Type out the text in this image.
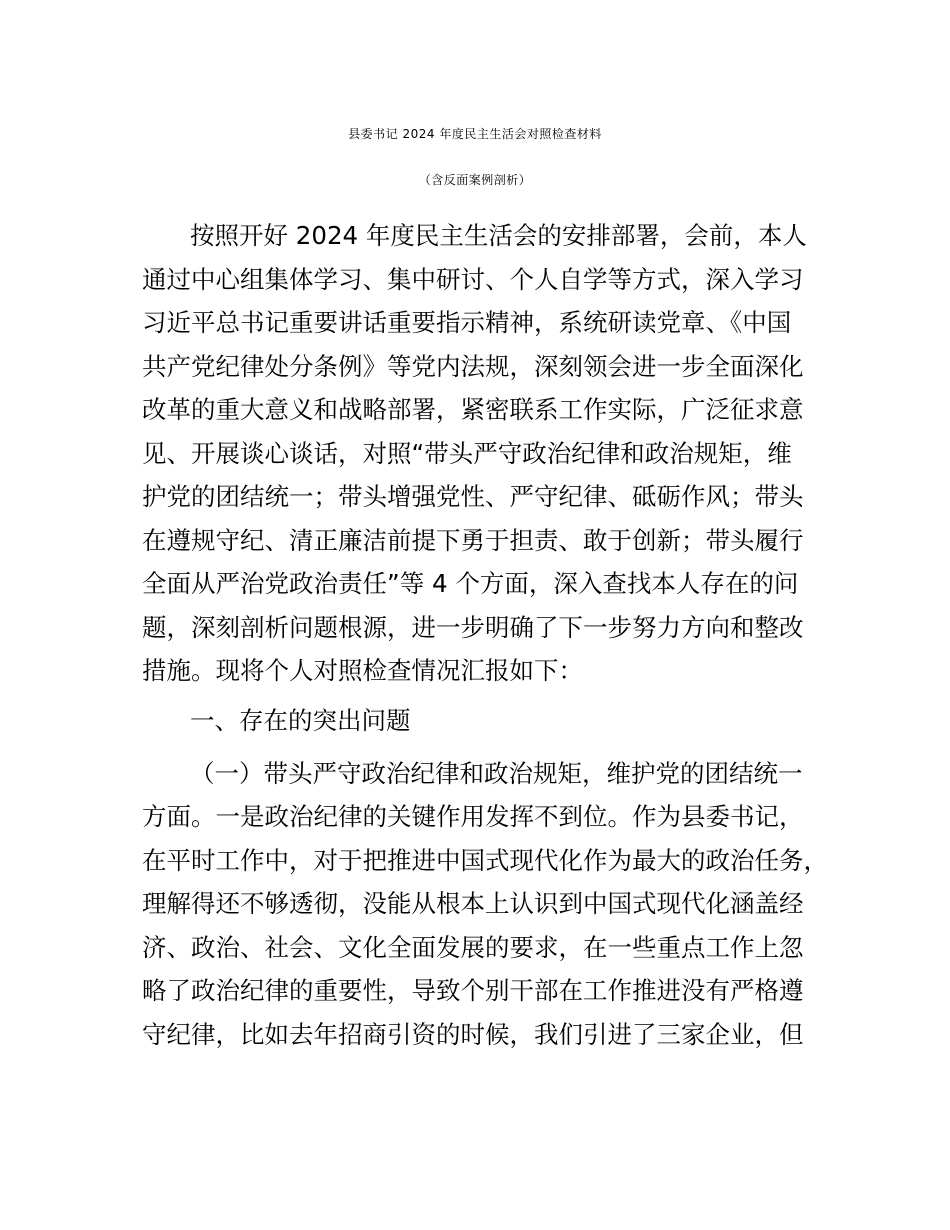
县委书记 2024 年度民主生活会对照检查材料
（含反面案例剖析）
按照开好 2024 年度民主生活会的安排部署，会前，本人
通过中心组集体学习、集中研讨、个人自学等方式，深入学习
习近平总书记重要讲话重要指示精神，系统研读党章、《中国
共产党纪律处分条例》等党内法规，深刻领会进一步全面深化
改革的重大意义和战略部署，紧密联系工作实际，广泛征求意
见、开展谈心谈话，对照“带头严守政治纪律和政治规矩，维
护党的团结统一；带头增强党性、严守纪律、砥砺作风；带头
在遵规守纪、清正廉洁前提下勇于担责、敢于创新；带头履行
全面从严治党政治责任”等 4 个方面，深入查找本人存在的问
题，深刻剖析问题根源，进一步明确了下一步努力方向和整改
措施。现将个人对照检查情况汇报如下：
一、存在的突出问题
（一）带头严守政治纪律和政治规矩，维护党的团结统一
方面。一是政治纪律的关键作用发挥不到位。作为县委书记，
在平时工作中，对于把推进中国式现代化作为最大的政治任务，
理解得还不够透彻，没能从根本上认识到中国式现代化涵盖经
济、政治、社会、文化全面发展的要求，在一些重点工作上忽
略了政治纪律的重要性，导致个别干部在工作推进没有严格遵
守纪律，比如去年招商引资的时候，我们引进了三家企业，但
